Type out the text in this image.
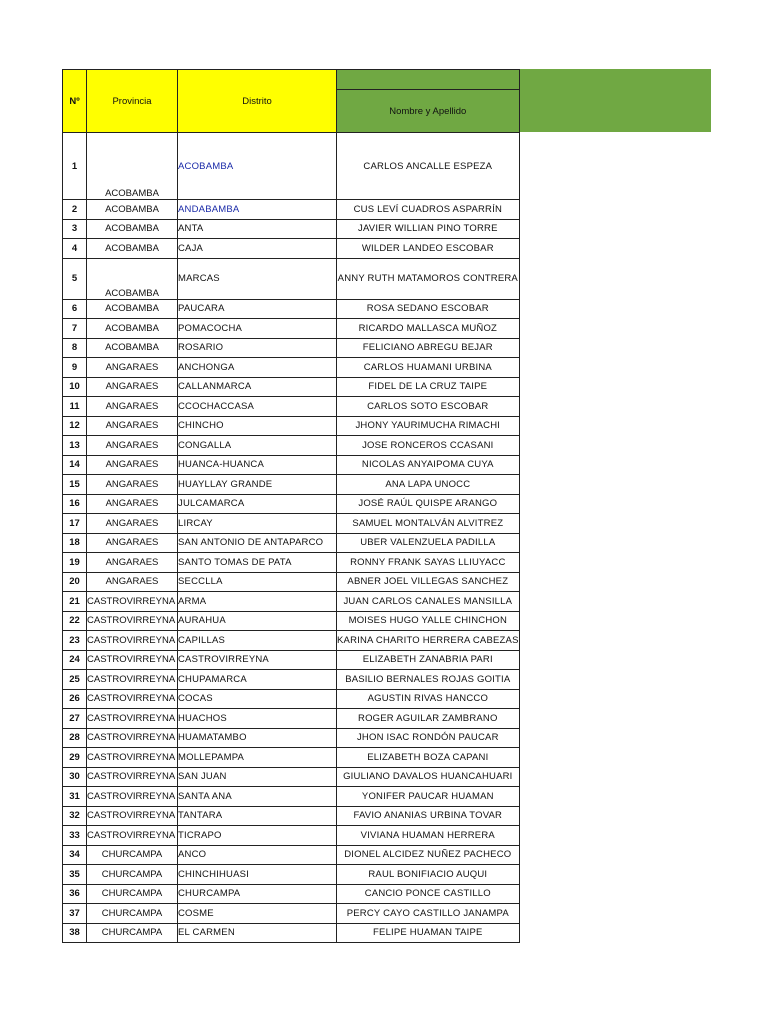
Nº	Provincia	Distrito	
			Nombre y Apellido
1	ACOBAMBA	ACOBAMBA	CARLOS ANCALLE ESPEZA
2	ACOBAMBA	ANDABAMBA	CUS LEVÍ CUADROS ASPARRÍN
3	ACOBAMBA	ANTA	JAVIER WILLIAN PINO TORRE
4	ACOBAMBA	CAJA	WILDER LANDEO ESCOBAR
5	ACOBAMBA	MARCAS	ANNY RUTH MATAMOROS CONTRERA
6	ACOBAMBA	PAUCARA	ROSA SEDANO ESCOBAR
7	ACOBAMBA	POMACOCHA	RICARDO MALLASCA MUÑOZ
8	ACOBAMBA	ROSARIO	FELICIANO ABREGU BEJAR
9	ANGARAES	ANCHONGA	CARLOS HUAMANI URBINA
10	ANGARAES	CALLANMARCA	FIDEL DE LA CRUZ TAIPE
11	ANGARAES	CCOCHACCASA	CARLOS SOTO ESCOBAR
12	ANGARAES	CHINCHO	JHONY YAURIMUCHA RIMACHI
13	ANGARAES	CONGALLA	JOSE RONCEROS CCASANI
14	ANGARAES	HUANCA-HUANCA	NICOLAS ANYAIPOMA CUYA
15	ANGARAES	HUAYLLAY GRANDE	ANA LAPA UNOCC
16	ANGARAES	JULCAMARCA	JOSÉ RAÚL QUISPE ARANGO
17	ANGARAES	LIRCAY	SAMUEL MONTALVÁN ALVITREZ
18	ANGARAES	SAN ANTONIO DE ANTAPARCO	UBER VALENZUELA PADILLA
19	ANGARAES	SANTO TOMAS DE PATA	RONNY FRANK SAYAS LLIUYACC
20	ANGARAES	SECCLLA	ABNER JOEL VILLEGAS SANCHEZ
21	CASTROVIRREYNA	ARMA	JUAN CARLOS CANALES MANSILLA
22	CASTROVIRREYNA	AURAHUA	MOISES HUGO YALLE CHINCHON
23	CASTROVIRREYNA	CAPILLAS	KARINA CHARITO HERRERA CABEZAS
24	CASTROVIRREYNA	CASTROVIRREYNA	ELIZABETH ZANABRIA PARI
25	CASTROVIRREYNA	CHUPAMARCA	BASILIO BERNALES ROJAS GOITIA
26	CASTROVIRREYNA	COCAS	AGUSTIN RIVAS HANCCO
27	CASTROVIRREYNA	HUACHOS	ROGER AGUILAR ZAMBRANO
28	CASTROVIRREYNA	HUAMATAMBO	JHON ISAC RONDÓN PAUCAR
29	CASTROVIRREYNA	MOLLEPAMPA	ELIZABETH BOZA CAPANI
30	CASTROVIRREYNA	SAN JUAN	GIULIANO DAVALOS HUANCAHUARI
31	CASTROVIRREYNA	SANTA ANA	YONIFER PAUCAR HUAMAN
32	CASTROVIRREYNA	TANTARA	FAVIO ANANIAS URBINA TOVAR
33	CASTROVIRREYNA	TICRAPO	VIVIANA HUAMAN HERRERA
34	CHURCAMPA	ANCO	DIONEL ALCIDEZ NUÑEZ PACHECO
35	CHURCAMPA	CHINCHIHUASI	RAUL BONIFIACIO AUQUI
36	CHURCAMPA	CHURCAMPA	CANCIO PONCE CASTILLO
37	CHURCAMPA	COSME	PERCY CAYO CASTILLO JANAMPA
38	CHURCAMPA	EL CARMEN	FELIPE HUAMAN TAIPE
